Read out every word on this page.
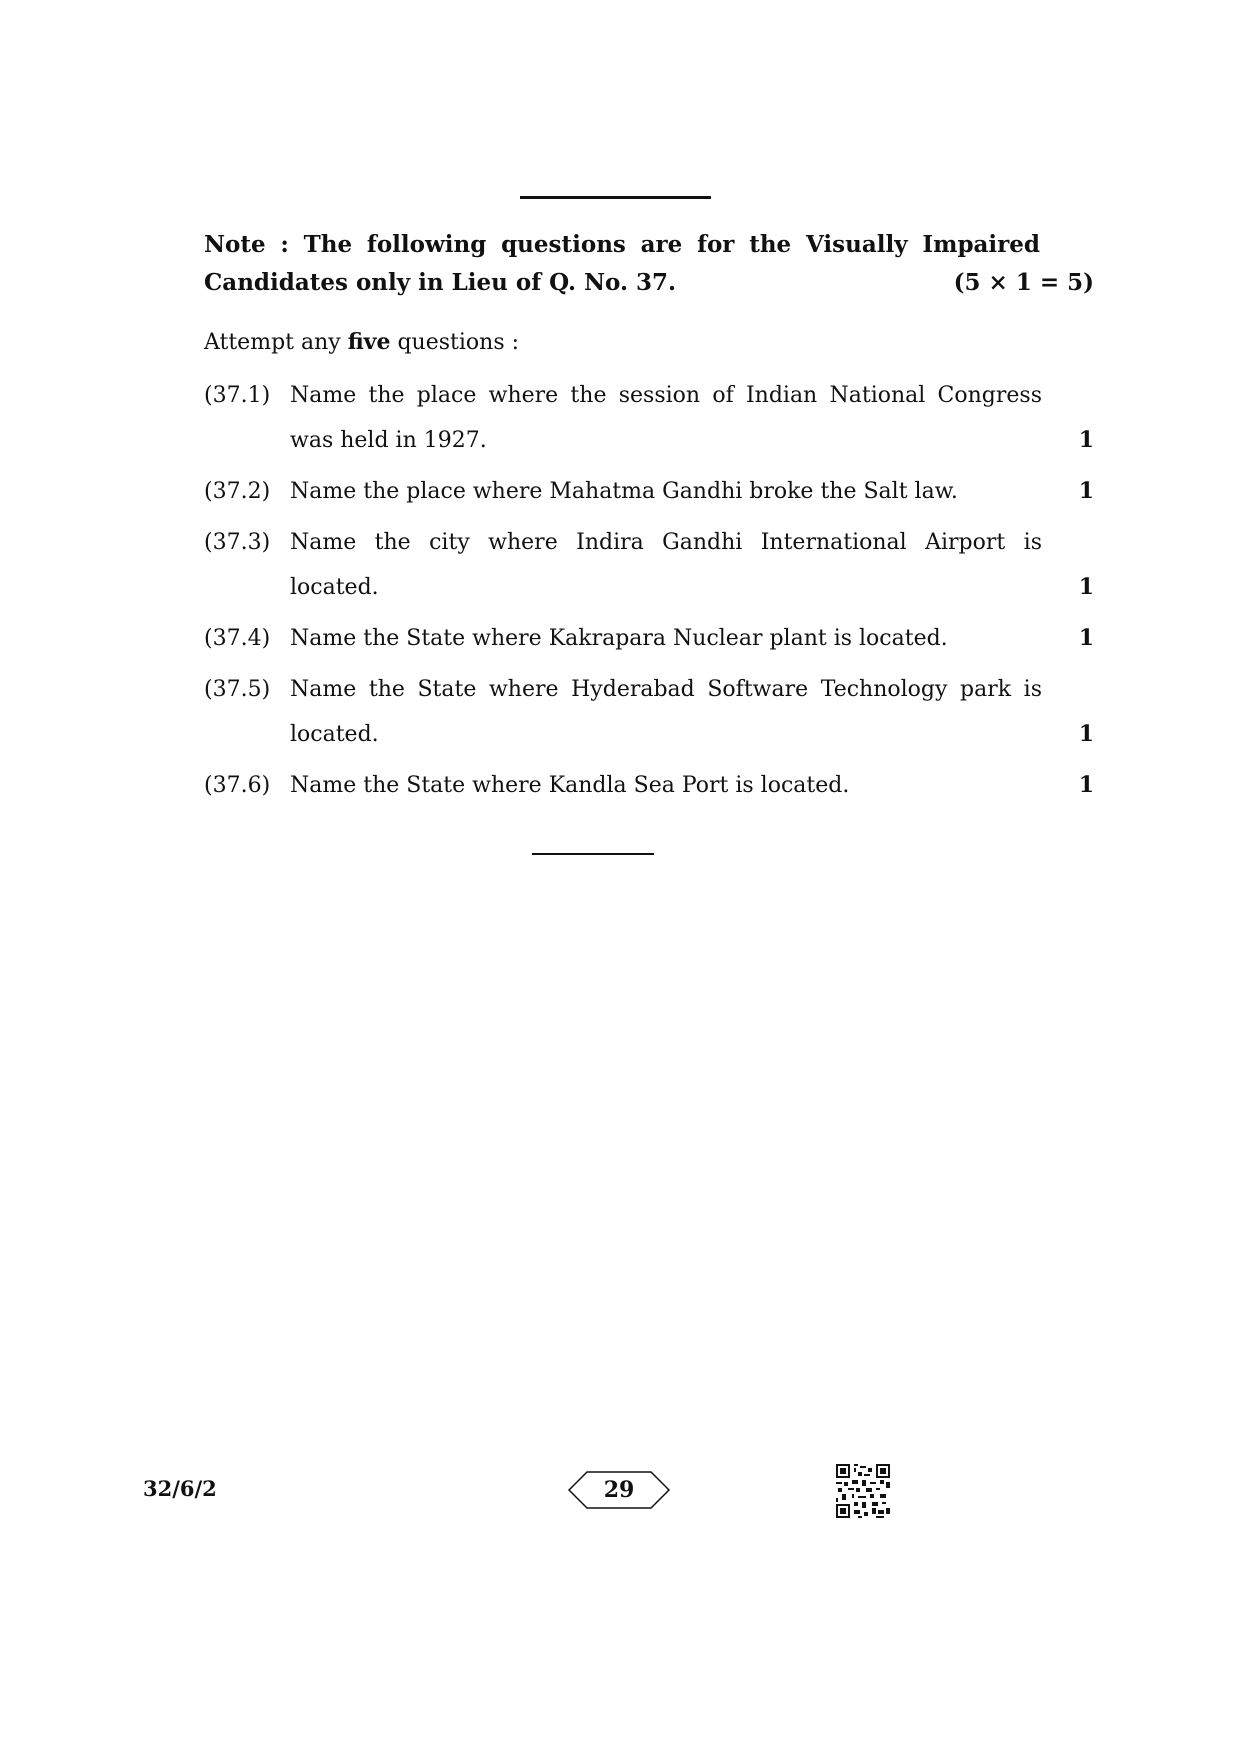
Note : The following questions are for the Visually Impaired
Candidates only in Lieu of Q. No. 37.	(5 × 1 = 5)
Attempt any five questions :
(37.1) Name the place where the session of Indian National Congress was held in 1927.	1
(37.2) Name the place where Mahatma Gandhi broke the Salt law.	1
(37.3) Name the city where Indira Gandhi International Airport is located.	1
(37.4) Name the State where Kakrapara Nuclear plant is located.	1
(37.5) Name the State where Hyderabad Software Technology park is located.	1
(37.6) Name the State where Kandla Sea Port is located.	1
32/6/2	29
